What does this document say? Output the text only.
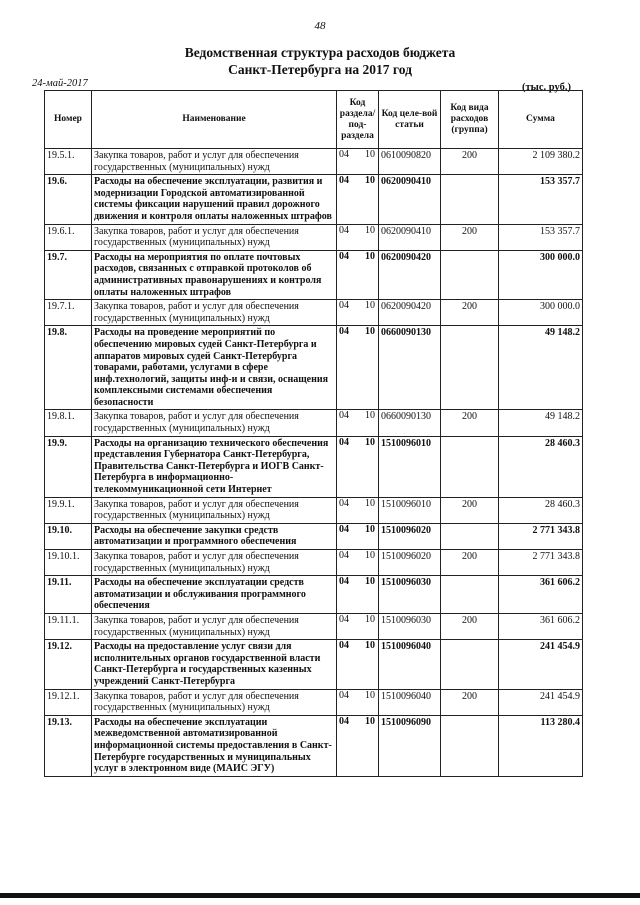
48
Ведомственная структура расходов бюджета
Санкт-Петербурга на 2017 год
24-май-2017	(тыс. руб.)
Номер	Наименование	Код раздела/ под-раздела	Код целе-вой статьи	Код вида расходов (группа)	Сумма
19.5.1.	Закупка товаров, работ и услуг для обеспечения государственных (муниципальных) нужд	04 10	0610090820	200	2 109 380.2
19.6.	Расходы на обеспечение эксплуатации, развития и модернизации Городской автоматизированной системы фиксации нарушений правил дорожного движения и контроля оплаты наложенных штрафов	04 10	0620090410		153 357.7
19.6.1.	Закупка товаров, работ и услуг для обеспечения государственных (муниципальных) нужд	04 10	0620090410	200	153 357.7
19.7.	Расходы на мероприятия по оплате почтовых расходов, связанных с отправкой протоколов об административных правонарушениях и контроля оплаты наложенных штрафов	04 10	0620090420		300 000.0
19.7.1.	Закупка товаров, работ и услуг для обеспечения государственных (муниципальных) нужд	04 10	0620090420	200	300 000.0
19.8.	Расходы на проведение мероприятий по обеспечению мировых судей Санкт-Петербурга и аппаратов мировых судей Санкт-Петербурга товарами, работами, услугами в сфере инф.технологий, защиты инф-и и связи, оснащения комплексными системами обеспечения безопасности	04 10	0660090130		49 148.2
19.8.1.	Закупка товаров, работ и услуг для обеспечения государственных (муниципальных) нужд	04 10	0660090130	200	49 148.2
19.9.	Расходы на организацию технического обеспечения представления Губернатора Санкт-Петербурга, Правительства Санкт-Петербурга и ИОГВ Санкт-Петербурга в информационно-телекоммуникационной сети Интернет	04 10	1510096010		28 460.3
19.9.1.	Закупка товаров, работ и услуг для обеспечения государственных (муниципальных) нужд	04 10	1510096010	200	28 460.3
19.10.	Расходы на обеспечение закупки средств автоматизации и программного обеспечения	04 10	1510096020		2 771 343.8
19.10.1.	Закупка товаров, работ и услуг для обеспечения государственных (муниципальных) нужд	04 10	1510096020	200	2 771 343.8
19.11.	Расходы на обеспечение эксплуатации средств автоматизации и обслуживания программного обеспечения	04 10	1510096030		361 606.2
19.11.1.	Закупка товаров, работ и услуг для обеспечения государственных (муниципальных) нужд	04 10	1510096030	200	361 606.2
19.12.	Расходы на предоставление услуг связи для исполнительных органов государственной власти Санкт-Петербурга и государственных казенных учреждений Санкт-Петербурга	04 10	1510096040		241 454.9
19.12.1.	Закупка товаров, работ и услуг для обеспечения государственных (муниципальных) нужд	04 10	1510096040	200	241 454.9
19.13.	Расходы на обеспечение эксплуатации межведомственной автоматизированной информационной системы предоставления в Санкт-Петербурге государственных и муниципальных услуг в электронном виде (МАИС ЭГУ)	04 10	1510096090		113 280.4
